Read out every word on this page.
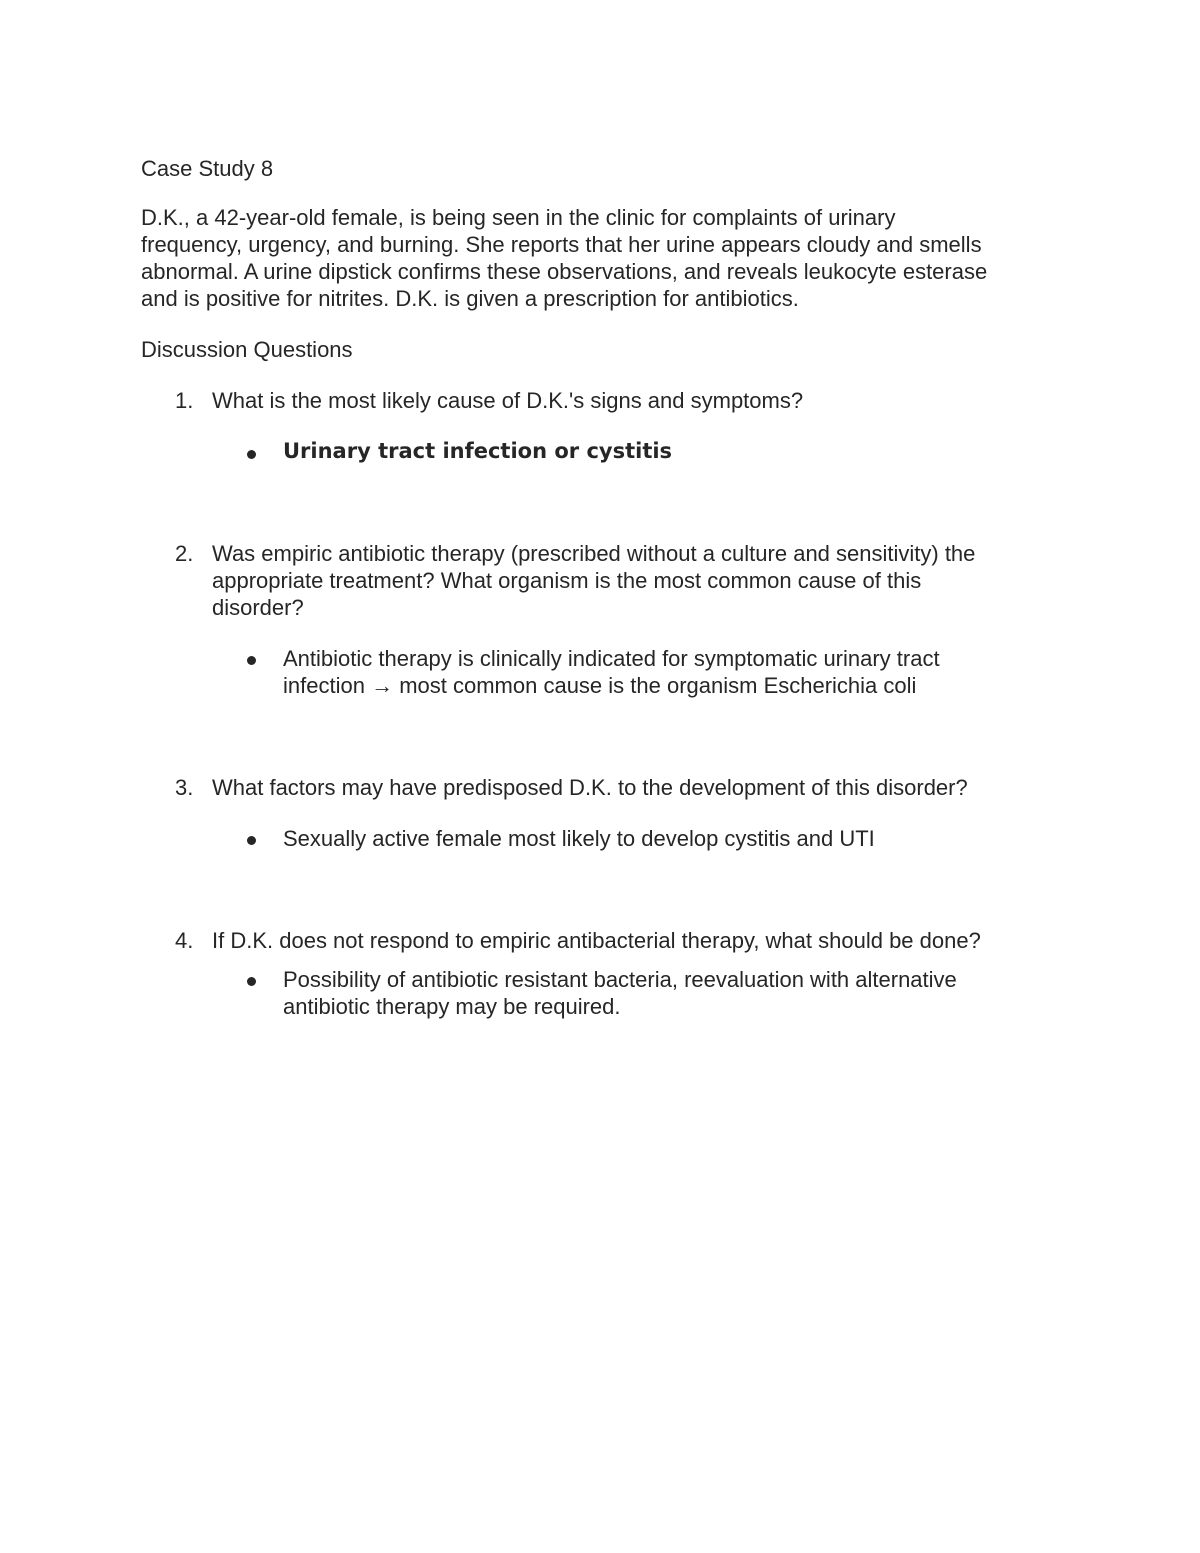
Case Study 8

D.K., a 42-year-old female, is being seen in the clinic for complaints of urinary frequency, urgency, and burning. She reports that her urine appears cloudy and smells abnormal. A urine dipstick confirms these observations, and reveals leukocyte esterase and is positive for nitrites. D.K. is given a prescription for antibiotics.

Discussion Questions
1. What is the most likely cause of D.K.'s signs and symptoms?
Urinary tract infection or cystitis
2. Was empiric antibiotic therapy (prescribed without a culture and sensitivity) the appropriate treatment? What organism is the most common cause of this disorder?
Antibiotic therapy is clinically indicated for symptomatic urinary tract infection → most common cause is the organism Escherichia coli
3. What factors may have predisposed D.K. to the development of this disorder?
Sexually active female most likely to develop cystitis and UTI
4. If D.K. does not respond to empiric antibacterial therapy, what should be done?
Possibility of antibiotic resistant bacteria, reevaluation with alternative antibiotic therapy may be required.
